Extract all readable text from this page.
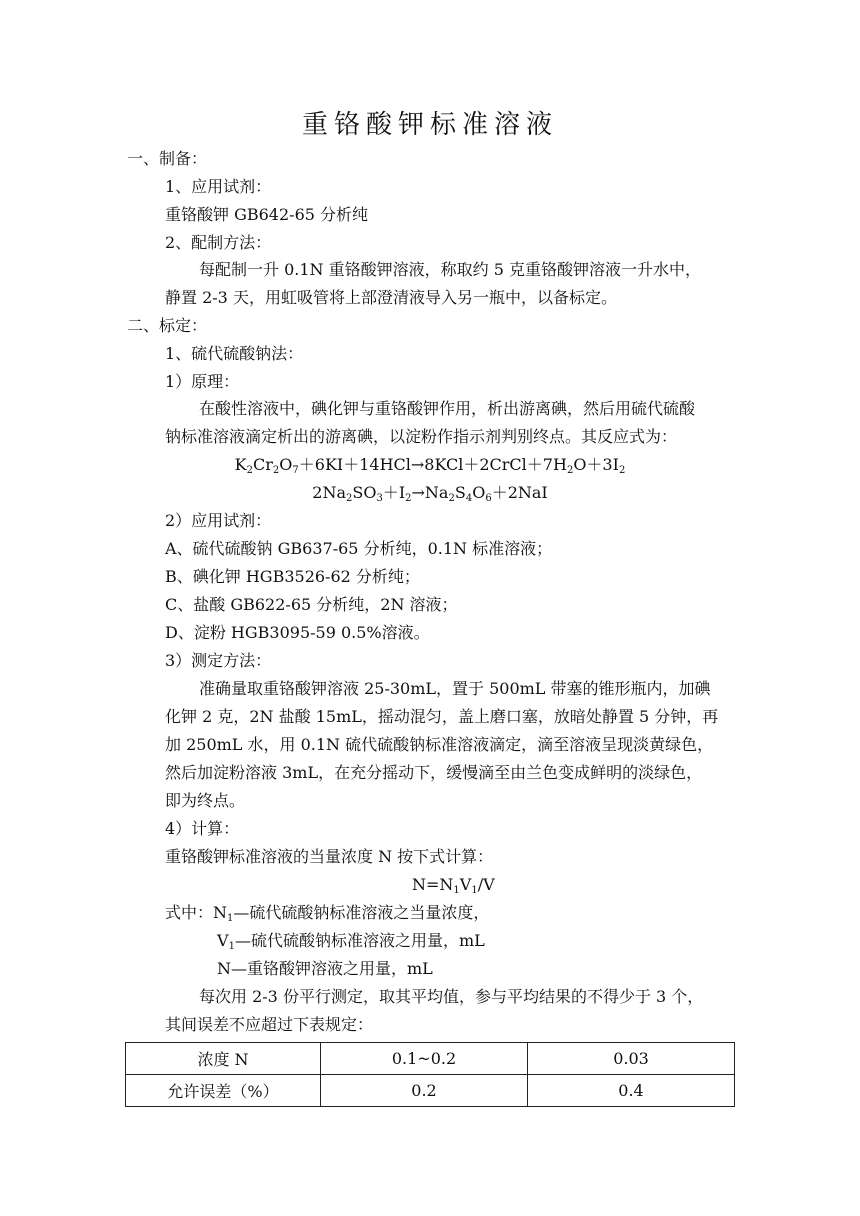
重铬酸钾标准溶液
一、制备：
1、应用试剂：
重铬酸钾 GB642-65 分析纯
2、配制方法：
每配制一升 0.1N 重铬酸钾溶液，称取约 5 克重铬酸钾溶液一升水中，
静置 2-3 天，用虹吸管将上部澄清液导入另一瓶中，以备标定。
二、标定：
1、硫代硫酸钠法：
1）原理：
在酸性溶液中，碘化钾与重铬酸钾作用，析出游离碘，然后用硫代硫酸
钠标准溶液滴定析出的游离碘，以淀粉作指示剂判别终点。其反应式为：
$K_2Cr_2O_7+6KI+14HCl\to 8KCl+2CrCl+7H_2O+3I_2$
$2Na_2SO_3+I_2\to Na_2S_4O_6+2NaI$
2）应用试剂：
A、硫代硫酸钠 GB637-65 分析纯，0.1N 标准溶液；
B、碘化钾 HGB3526-62 分析纯；
C、盐酸 GB622-65 分析纯，2N 溶液；
D、淀粉 HGB3095-59 0.5%溶液。
3）测定方法：
准确量取重铬酸钾溶液 25-30mL，置于 500mL 带塞的锥形瓶内，加碘
化钾 2 克，2N 盐酸 15mL，摇动混匀，盖上磨口塞，放暗处静置 5 分钟，再
加 250mL 水，用 0.1N 硫代硫酸钠标准溶液滴定，滴至溶液呈现淡黄绿色，
然后加淀粉溶液 3mL，在充分摇动下，缓慢滴至由兰色变成鲜明的淡绿色，
即为终点。
4）计算：
重铬酸钾标准溶液的当量浓度 N 按下式计算：
$N=N_1V_1/V$
式中：$N_1—$硫代硫酸钠标准溶液之当量浓度，
$V_1—$硫代硫酸钠标准溶液之用量，mL
N—重铬酸钾溶液之用量，mL
每次用 2-3 份平行测定，取其平均值，参与平均结果的不得少于 3 个，
其间误差不应超过下表规定：
浓度 N	0.1~0.2	0.03
允许误差（%）	0.2	0.4
